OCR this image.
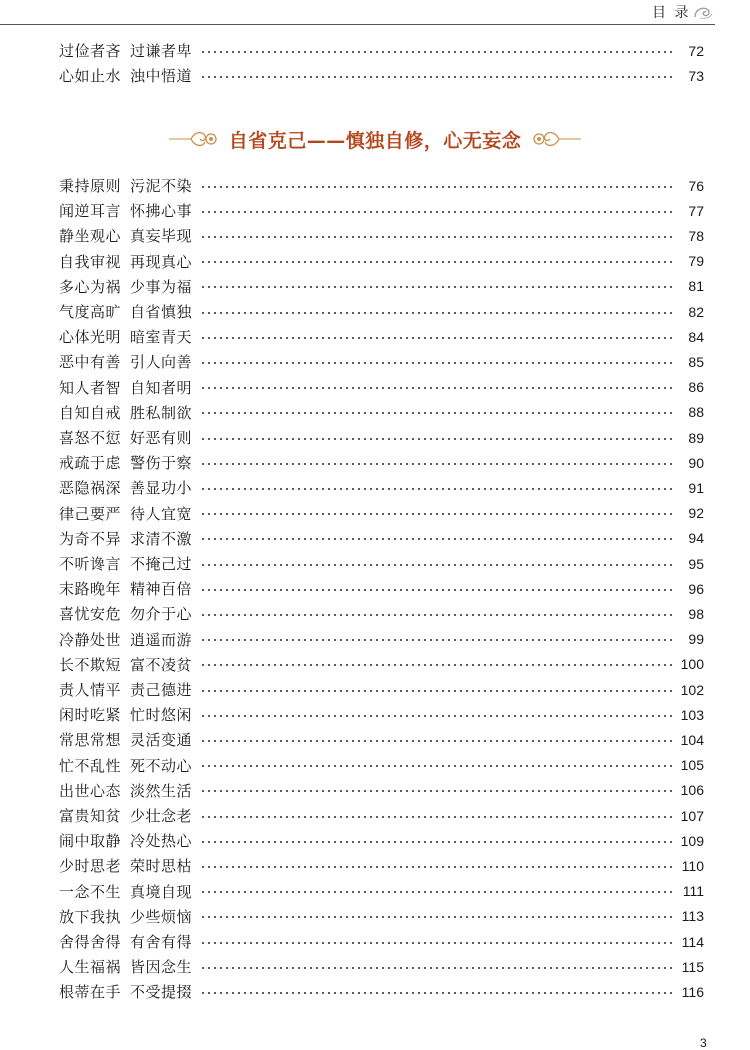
目 录
过俭者吝 过谦者卑	72
心如止水 浊中悟道	73
自省克己——慎独自修，心无妄念
秉持原则 污泥不染	76
闻逆耳言 怀拂心事	77
静坐观心 真妄毕现	78
自我审视 再现真心	79
多心为祸 少事为福	81
气度高旷 自省慎独	82
心体光明 暗室青天	84
恶中有善 引人向善	85
知人者智 自知者明	86
自知自戒 胜私制欲	88
喜怒不愆 好恶有则	89
戒疏于虑 警伤于察	90
恶隐祸深 善显功小	91
律己要严 待人宜宽	92
为奇不异 求清不激	94
不听谗言 不掩己过	95
末路晚年 精神百倍	96
喜忧安危 勿介于心	98
冷静处世 逍遥而游	99
长不欺短 富不凌贫	100
责人情平 责己德进	102
闲时吃紧 忙时悠闲	103
常思常想 灵活变通	104
忙不乱性 死不动心	105
出世心态 淡然生活	106
富贵知贫 少壮念老	107
闹中取静 冷处热心	109
少时思老 荣时思枯	110
一念不生 真境自现	111
放下我执 少些烦恼	113
舍得舍得 有舍有得	114
人生福祸 皆因念生	115
根蒂在手 不受提掇	116
3
